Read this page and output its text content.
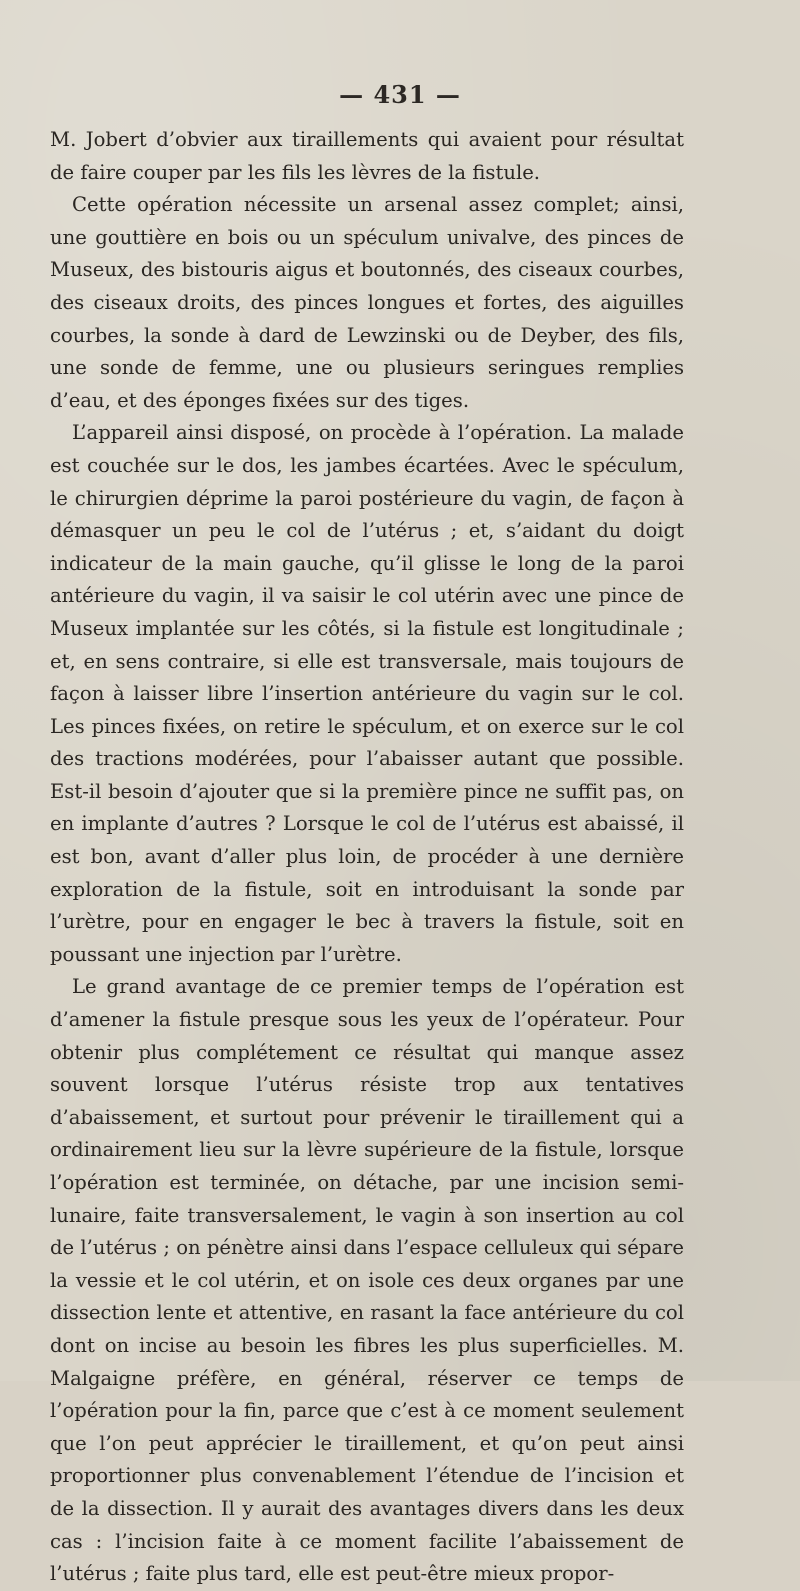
— 431 —

M. Jobert d’obvier aux tiraillements qui avaient pour résultat de faire couper par les fils les lèvres de la fistule.

Cette opération nécessite un arsenal assez complet; ainsi, une gouttière en bois ou un spéculum univalve, des pinces de Museux, des bistouris aigus et boutonnés, des ciseaux courbes, des ciseaux droits, des pinces longues et fortes, des aiguilles courbes, la sonde à dard de Lewzinski ou de Deyber, des fils, une sonde de femme, une ou plusieurs seringues remplies d’eau, et des éponges fixées sur des tiges.

L’appareil ainsi disposé, on procède à l’opération. La malade est couchée sur le dos, les jambes écartées. Avec le spéculum, le chirurgien déprime la paroi postérieure du vagin, de façon à démasquer un peu le col de l’utérus ; et, s’aidant du doigt indicateur de la main gauche, qu’il glisse le long de la paroi antérieure du vagin, il va saisir le col utérin avec une pince de Museux implantée sur les côtés, si la fistule est longitudinale ; et, en sens contraire, si elle est transversale, mais toujours de façon à laisser libre l’insertion antérieure du vagin sur le col. Les pinces fixées, on retire le spéculum, et on exerce sur le col des tractions modérées, pour l’abaisser autant que possible. Est-il besoin d’ajouter que si la première pince ne suffit pas, on en implante d’autres ? Lorsque le col de l’utérus est abaissé, il est bon, avant d’aller plus loin, de procéder à une dernière exploration de la fistule, soit en introduisant la sonde par l’urètre, pour en engager le bec à travers la fistule, soit en poussant une injection par l’urètre.

Le grand avantage de ce premier temps de l’opération est d’amener la fistule presque sous les yeux de l’opérateur. Pour obtenir plus complétement ce résultat qui manque assez souvent lorsque l’utérus résiste trop aux tentatives d’abaissement, et surtout pour prévenir le tiraillement qui a ordinairement lieu sur la lèvre supérieure de la fistule, lorsque l’opération est terminée, on détache, par une incision semi-lunaire, faite transversalement, le vagin à son insertion au col de l’utérus ; on pénètre ainsi dans l’espace celluleux qui sépare la vessie et le col utérin, et on isole ces deux organes par une dissection lente et attentive, en rasant la face antérieure du col dont on incise au besoin les fibres les plus superficielles. M. Malgaigne préfère, en général, réserver ce temps de l’opération pour la fin, parce que c’est à ce moment seulement que l’on peut apprécier le tiraillement, et qu’on peut ainsi proportionner plus convenablement l’étendue de l’incision et de la dissection. Il y aurait des avantages divers dans les deux cas : l’incision faite à ce moment facilite l’abaissement de l’utérus ; faite plus tard, elle est peut-être mieux propor-
